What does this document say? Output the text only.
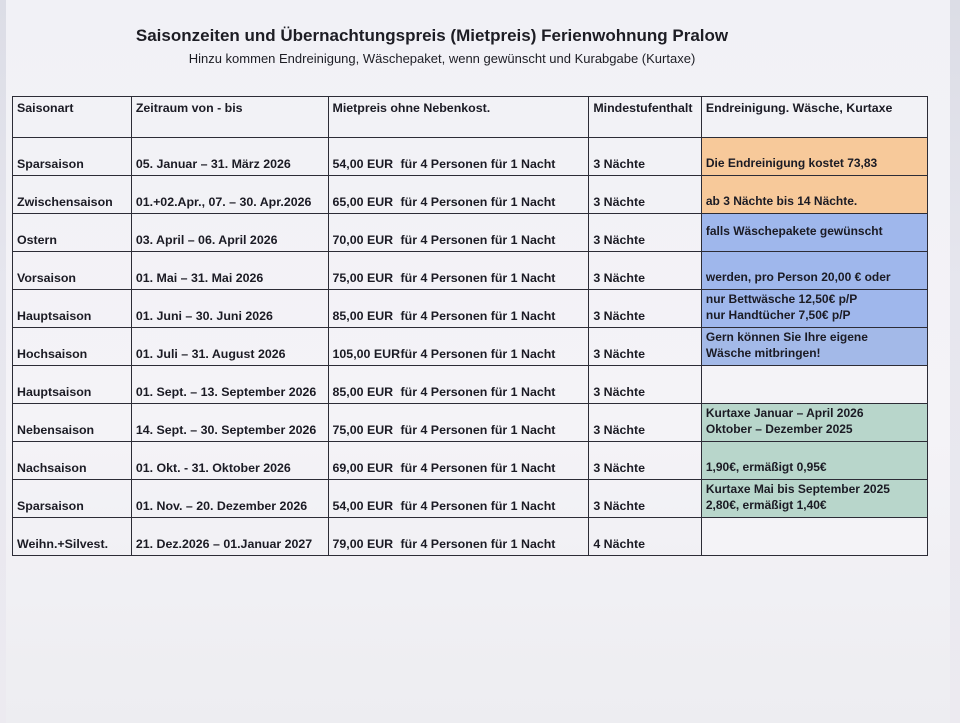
Saisonzeiten und Übernachtungspreis (Mietpreis) Ferienwohnung Pralow
Hinzu kommen Endreinigung, Wäschepaket, wenn gewünscht und Kurabgabe (Kurtaxe)
Saisonart	Zeitraum von - bis	Mietpreis ohne Nebenkost.	Mindestufenthalt	Endreinigung. Wäsche, Kurtaxe
Sparsaison	05. Januar – 31. März 2026	54,00 EUR für 4 Personen für 1 Nacht	3 Nächte	Die Endreinigung kostet 73,83
Zwischensaison	01.+02.Apr., 07. – 30. Apr.2026	65,00 EUR für 4 Personen für 1 Nacht	3 Nächte	ab 3 Nächte bis 14 Nächte.
Ostern	03. April – 06. April 2026	70,00 EUR für 4 Personen für 1 Nacht	3 Nächte	falls Wäschepakete gewünscht
Vorsaison	01. Mai – 31. Mai 2026	75,00 EUR für 4 Personen für 1 Nacht	3 Nächte	werden, pro Person 20,00 € oder
Hauptsaison	01. Juni – 30. Juni 2026	85,00 EUR für 4 Personen für 1 Nacht	3 Nächte	nur Bettwäsche 12,50€ p/P
nur Handtücher 7,50€ p/P

Hochsaison	01. Juli – 31. August 2026	105,00 EURfür 4 Personen für 1 Nacht	3 Nächte	Gern können Sie Ihre eigene
Wäsche mitbringen!

Hauptsaison	01. Sept. – 13. September 2026	85,00 EUR für 4 Personen für 1 Nacht	3 Nächte	
Nebensaison	14. Sept. – 30. September 2026	75,00 EUR für 4 Personen für 1 Nacht	3 Nächte	Kurtaxe Januar – April 2026
Oktober – Dezember 2025

Nachsaison	01. Okt. - 31. Oktober 2026	69,00 EUR für 4 Personen für 1 Nacht	3 Nächte	1,90€, ermäßigt 0,95€
Sparsaison	01. Nov. – 20. Dezember 2026	54,00 EUR für 4 Personen für 1 Nacht	3 Nächte	Kurtaxe Mai bis September 2025
2,80€, ermäßigt 1,40€

Weihn.+Silvest.	21. Dez.2026 – 01.Januar 2027	79,00 EUR für 4 Personen für 1 Nacht	4 Nächte	
